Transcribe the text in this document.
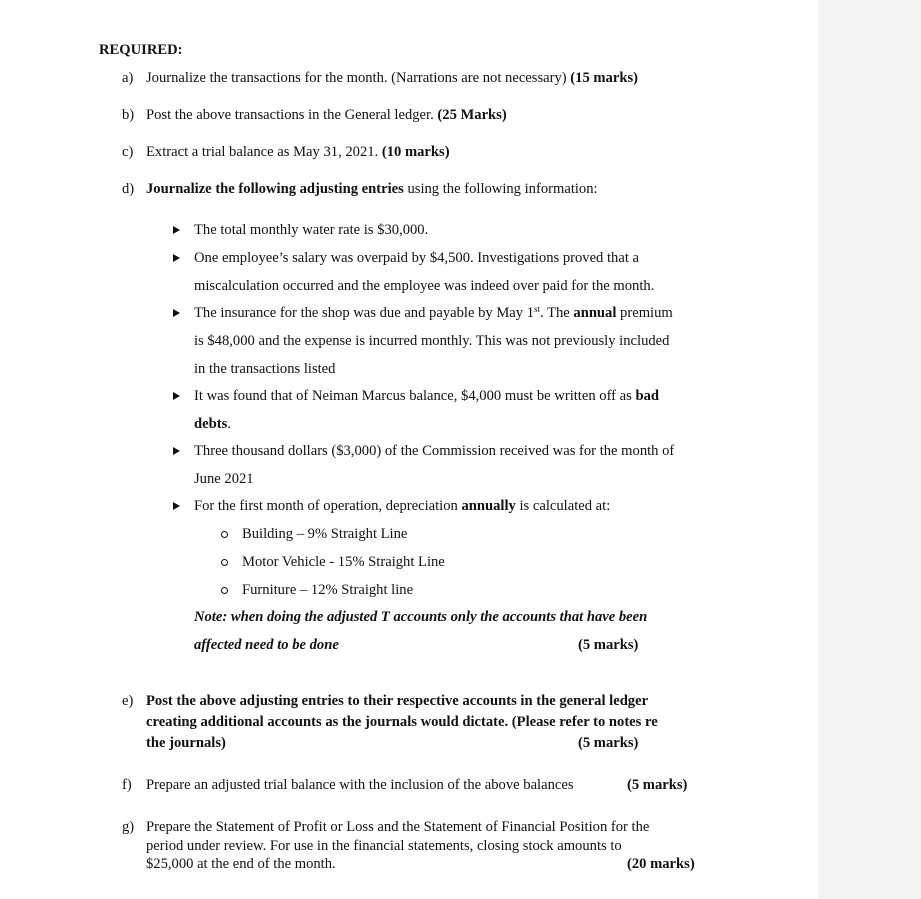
REQUIRED:
a) Journalize the transactions for the month. (Narrations are not necessary) (15 marks)
b) Post the above transactions in the General ledger. (25 Marks)
c) Extract a trial balance as May 31, 2021. (10 marks)
d) Journalize the following adjusting entries using the following information:
The total monthly water rate is $30,000.
One employee’s salary was overpaid by $4,500. Investigations proved that a
miscalculation occurred and the employee was indeed over paid for the month.
The insurance for the shop was due and payable by May 1st. The annual premium
is $48,000 and the expense is incurred monthly. This was not previously included
in the transactions listed
It was found that of Neiman Marcus balance, $4,000 must be written off as bad
debts.
Three thousand dollars ($3,000) of the Commission received was for the month of
June 2021
For the first month of operation, depreciation annually is calculated at:
Building – 9% Straight Line
Motor Vehicle - 15% Straight Line
Furniture – 12% Straight line
Note: when doing the adjusted T accounts only the accounts that have been
affected need to be done	(5 marks)
e) Post the above adjusting entries to their respective accounts in the general ledger
creating additional accounts as the journals would dictate. (Please refer to notes re
the journals)	(5 marks)
f) Prepare an adjusted trial balance with the inclusion of the above balances	(5 marks)
g) Prepare the Statement of Profit or Loss and the Statement of Financial Position for the
period under review. For use in the financial statements, closing stock amounts to
$25,000 at the end of the month.	(20 marks)
